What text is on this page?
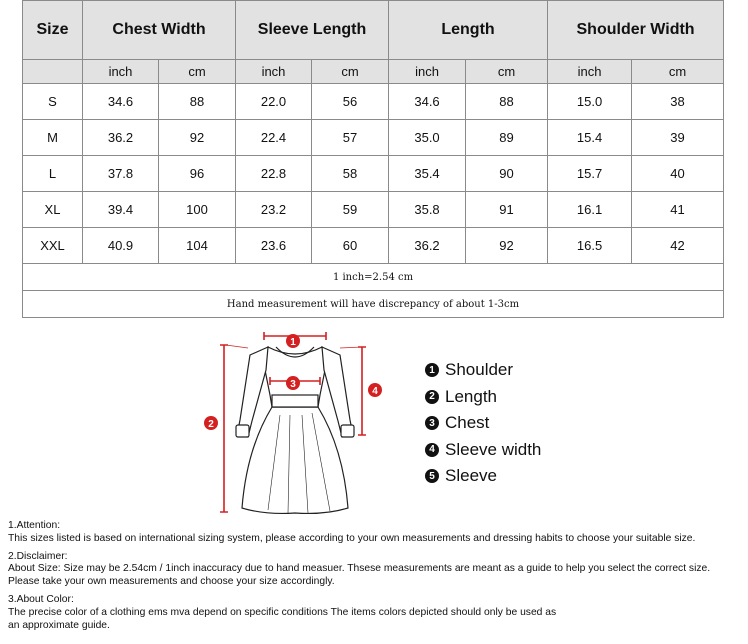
Size	Chest Width		Sleeve Length		Length		Shoulder Width	
	inch	cm	inch	cm	inch	cm	inch	cm
S	34.6	88	22.0	56	34.6	88	15.0	38
M	36.2	92	22.4	57	35.0	89	15.4	39
L	37.8	96	22.8	58	35.4	90	15.7	40
XL	39.4	100	23.2	59	35.8	91	16.1	41
XXL	40.9	104	23.6	60	36.2	92	16.5	42
1 inch=2.54 cm								
Hand measurement will have discrepancy of about 1-3cm								
1
2
3
4
1 Shoulder
2 Length
3 Chest
4 Sleeve width
5 Sleeve

1.Attention:

This sizes listed is based on international sizing system, please according to your own measurements and dressing habits to choose your suitable size.

2.Disclaimer:

About Size: Size may be 2.54cm / 1inch inaccuracy due to hand measuer. Thsese measurements are meant as a guide to help you select the correct size.

Please take your own measurements and choose your size accordingly.

3.About Color:

The precise color of a clothing ems mva depend on specific conditions The items colors depicted should only be used as

an approximate guide.
